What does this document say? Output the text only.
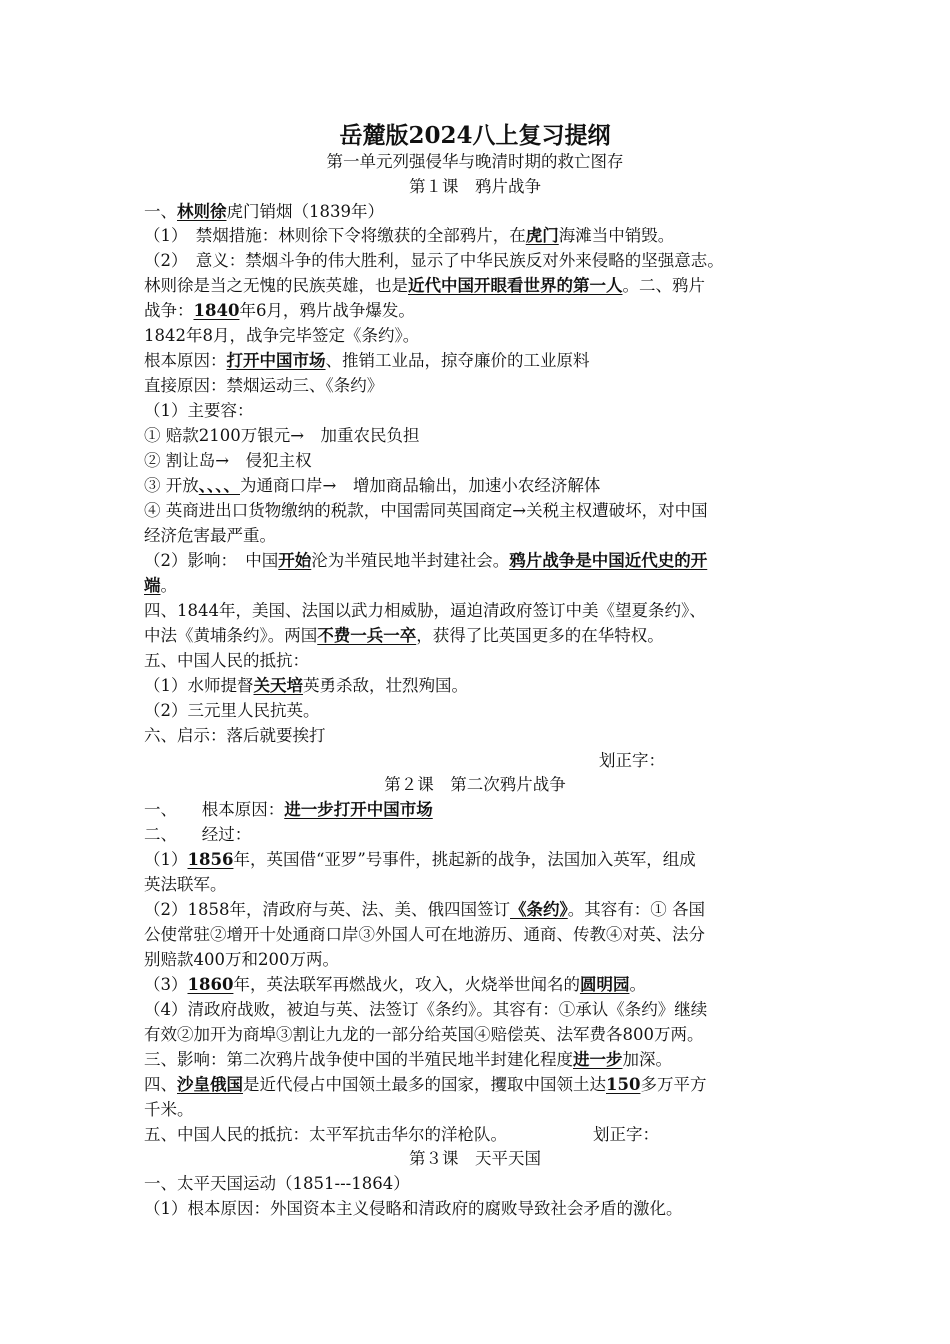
岳麓版2024八上复习提纲
第一单元列强侵华与晚清时期的救亡图存
第１课　鸦片战争
一、林则徐虎门销烟（1839年）
（1）　禁烟措施：林则徐下令将缴获的全部鸦片，在虎门海滩当中销毁。
（2）　意义：禁烟斗争的伟大胜利，显示了中华民族反对外来侵略的坚强意志。
林则徐是当之无愧的民族英雄，也是近代中国开眼看世界的第一人。二、鸦片
战争：1840年6月，鸦片战争爆发。
1842年8月，战争完毕签定《条约》。
根本原因：打开中国市场、推销工业品，掠夺廉价的工业原料
直接原因：禁烟运动三、《条约》
（1）主要容：
① 赔款2100万银元→　加重农民负担
② 割让岛→　侵犯主权
③ 开放、、、、为通商口岸→　增加商品输出，加速小农经济解体
④ 英商进出口货物缴纳的税款，中国需同英国商定→关税主权遭破坏，对中国
经济危害最严重。
（2）影响：　中国开始沦为半殖民地半封建社会。鸦片战争是中国近代史的开
端。
四、1844年，美国、法国以武力相威胁，逼迫清政府签订中美《望夏条约》、
中法《黄埔条约》。两国不费一兵一卒，获得了比英国更多的在华特权。
五、中国人民的抵抗：
（1）水师提督关天培英勇杀敌，壮烈殉国。
（2）三元里人民抗英。
六、启示：落后就要挨打
划正字：
第２课　第二次鸦片战争
一、　　根本原因：进一步打开中国市场
二、　　经过：
（1）1856年，英国借“亚罗”号事件，挑起新的战争，法国加入英军，组成
英法联军。
（2）1858年，清政府与英、法、美、俄四国签订《条约》。其容有：① 各国
公使常驻②增开十处通商口岸③外国人可在地游历、通商、传教④对英、法分
别赔款400万和200万两。
（3）1860年，英法联军再燃战火，攻入，火烧举世闻名的圆明园。
（4）清政府战败，被迫与英、法签订《条约》。其容有：①承认《条约》继续
有效②加开为商埠③割让九龙的一部分给英国④赔偿英、法军费各800万两。
三、影响：第二次鸦片战争使中国的半殖民地半封建化程度进一步加深。
四、沙皇俄国是近代侵占中国领土最多的国家，攫取中国领土达150多万平方
千米。
五、中国人民的抵抗：太平军抗击华尔的洋枪队。	划正字：
第３课　天平天国
一、太平天国运动（1851---1864）
（1）根本原因：外国资本主义侵略和清政府的腐败导致社会矛盾的激化。
